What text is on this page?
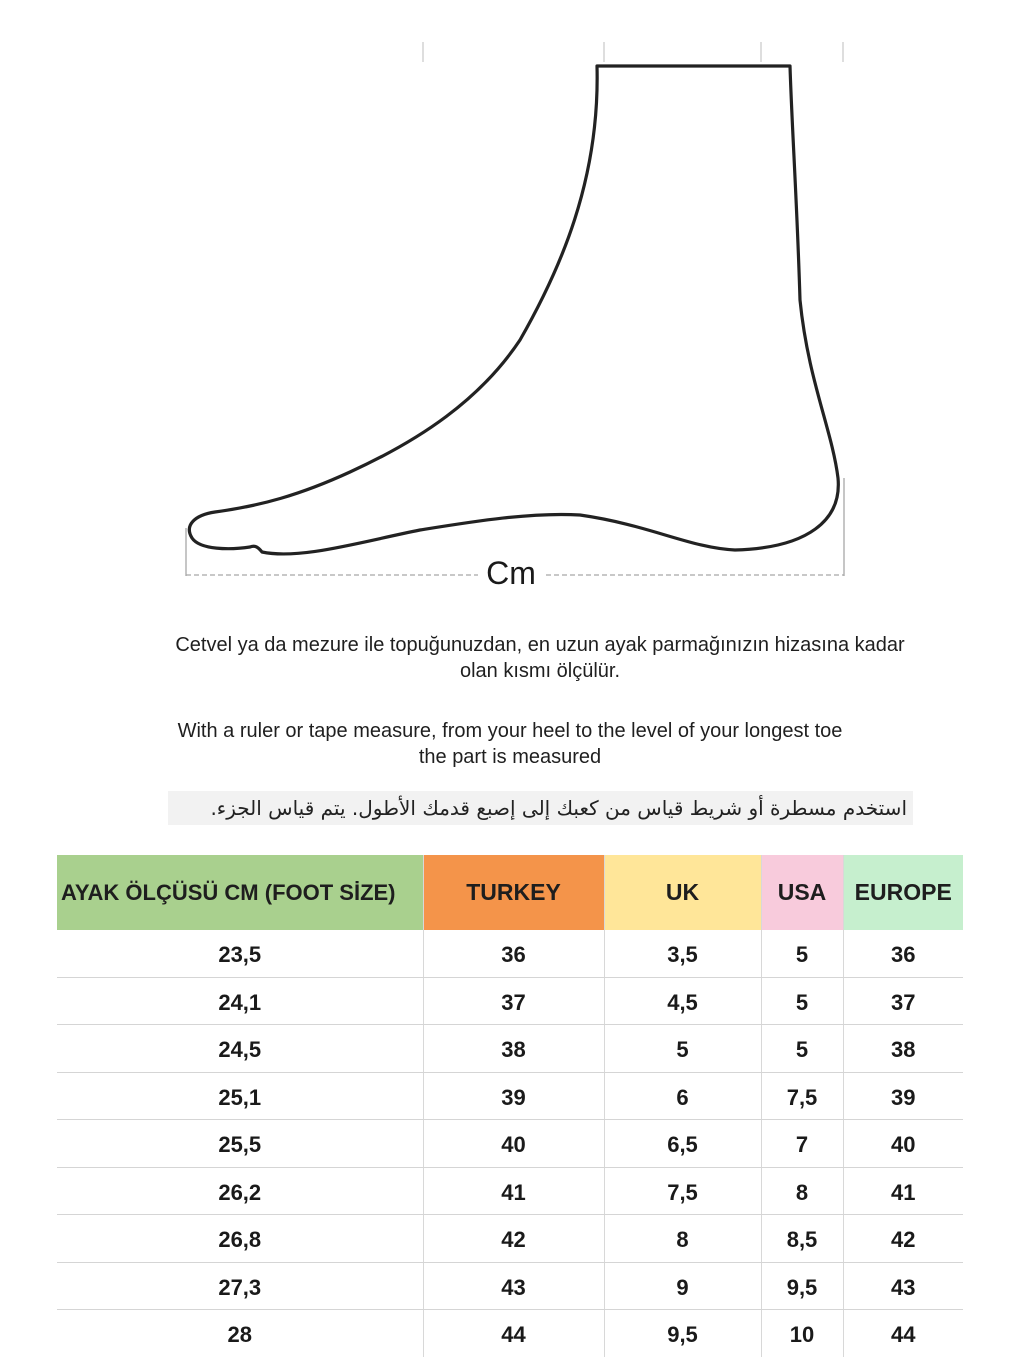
Cm
Cetvel ya da mezure ile topuğunuzdan, en uzun ayak parmağınızın hizasına kadar
olan kısmı ölçülür.
With a ruler or tape measure, from your heel to the level of your longest toe
the part is measured
استخدم مسطرة أو شريط قياس من كعبك إلى إصبع قدمك الأطول. يتم قياس الجزء.
AYAK ÖLÇÜSÜ CM (FOOT SİZE)	TURKEY	UK	USA	EUROPE
23,5	36	3,5	5	36
24,1	37	4,5	5	37
24,5	38	5	5	38
25,1	39	6	7,5	39
25,5	40	6,5	7	40
26,2	41	7,5	8	41
26,8	42	8	8,5	42
27,3	43	9	9,5	43
28	44	9,5	10	44
